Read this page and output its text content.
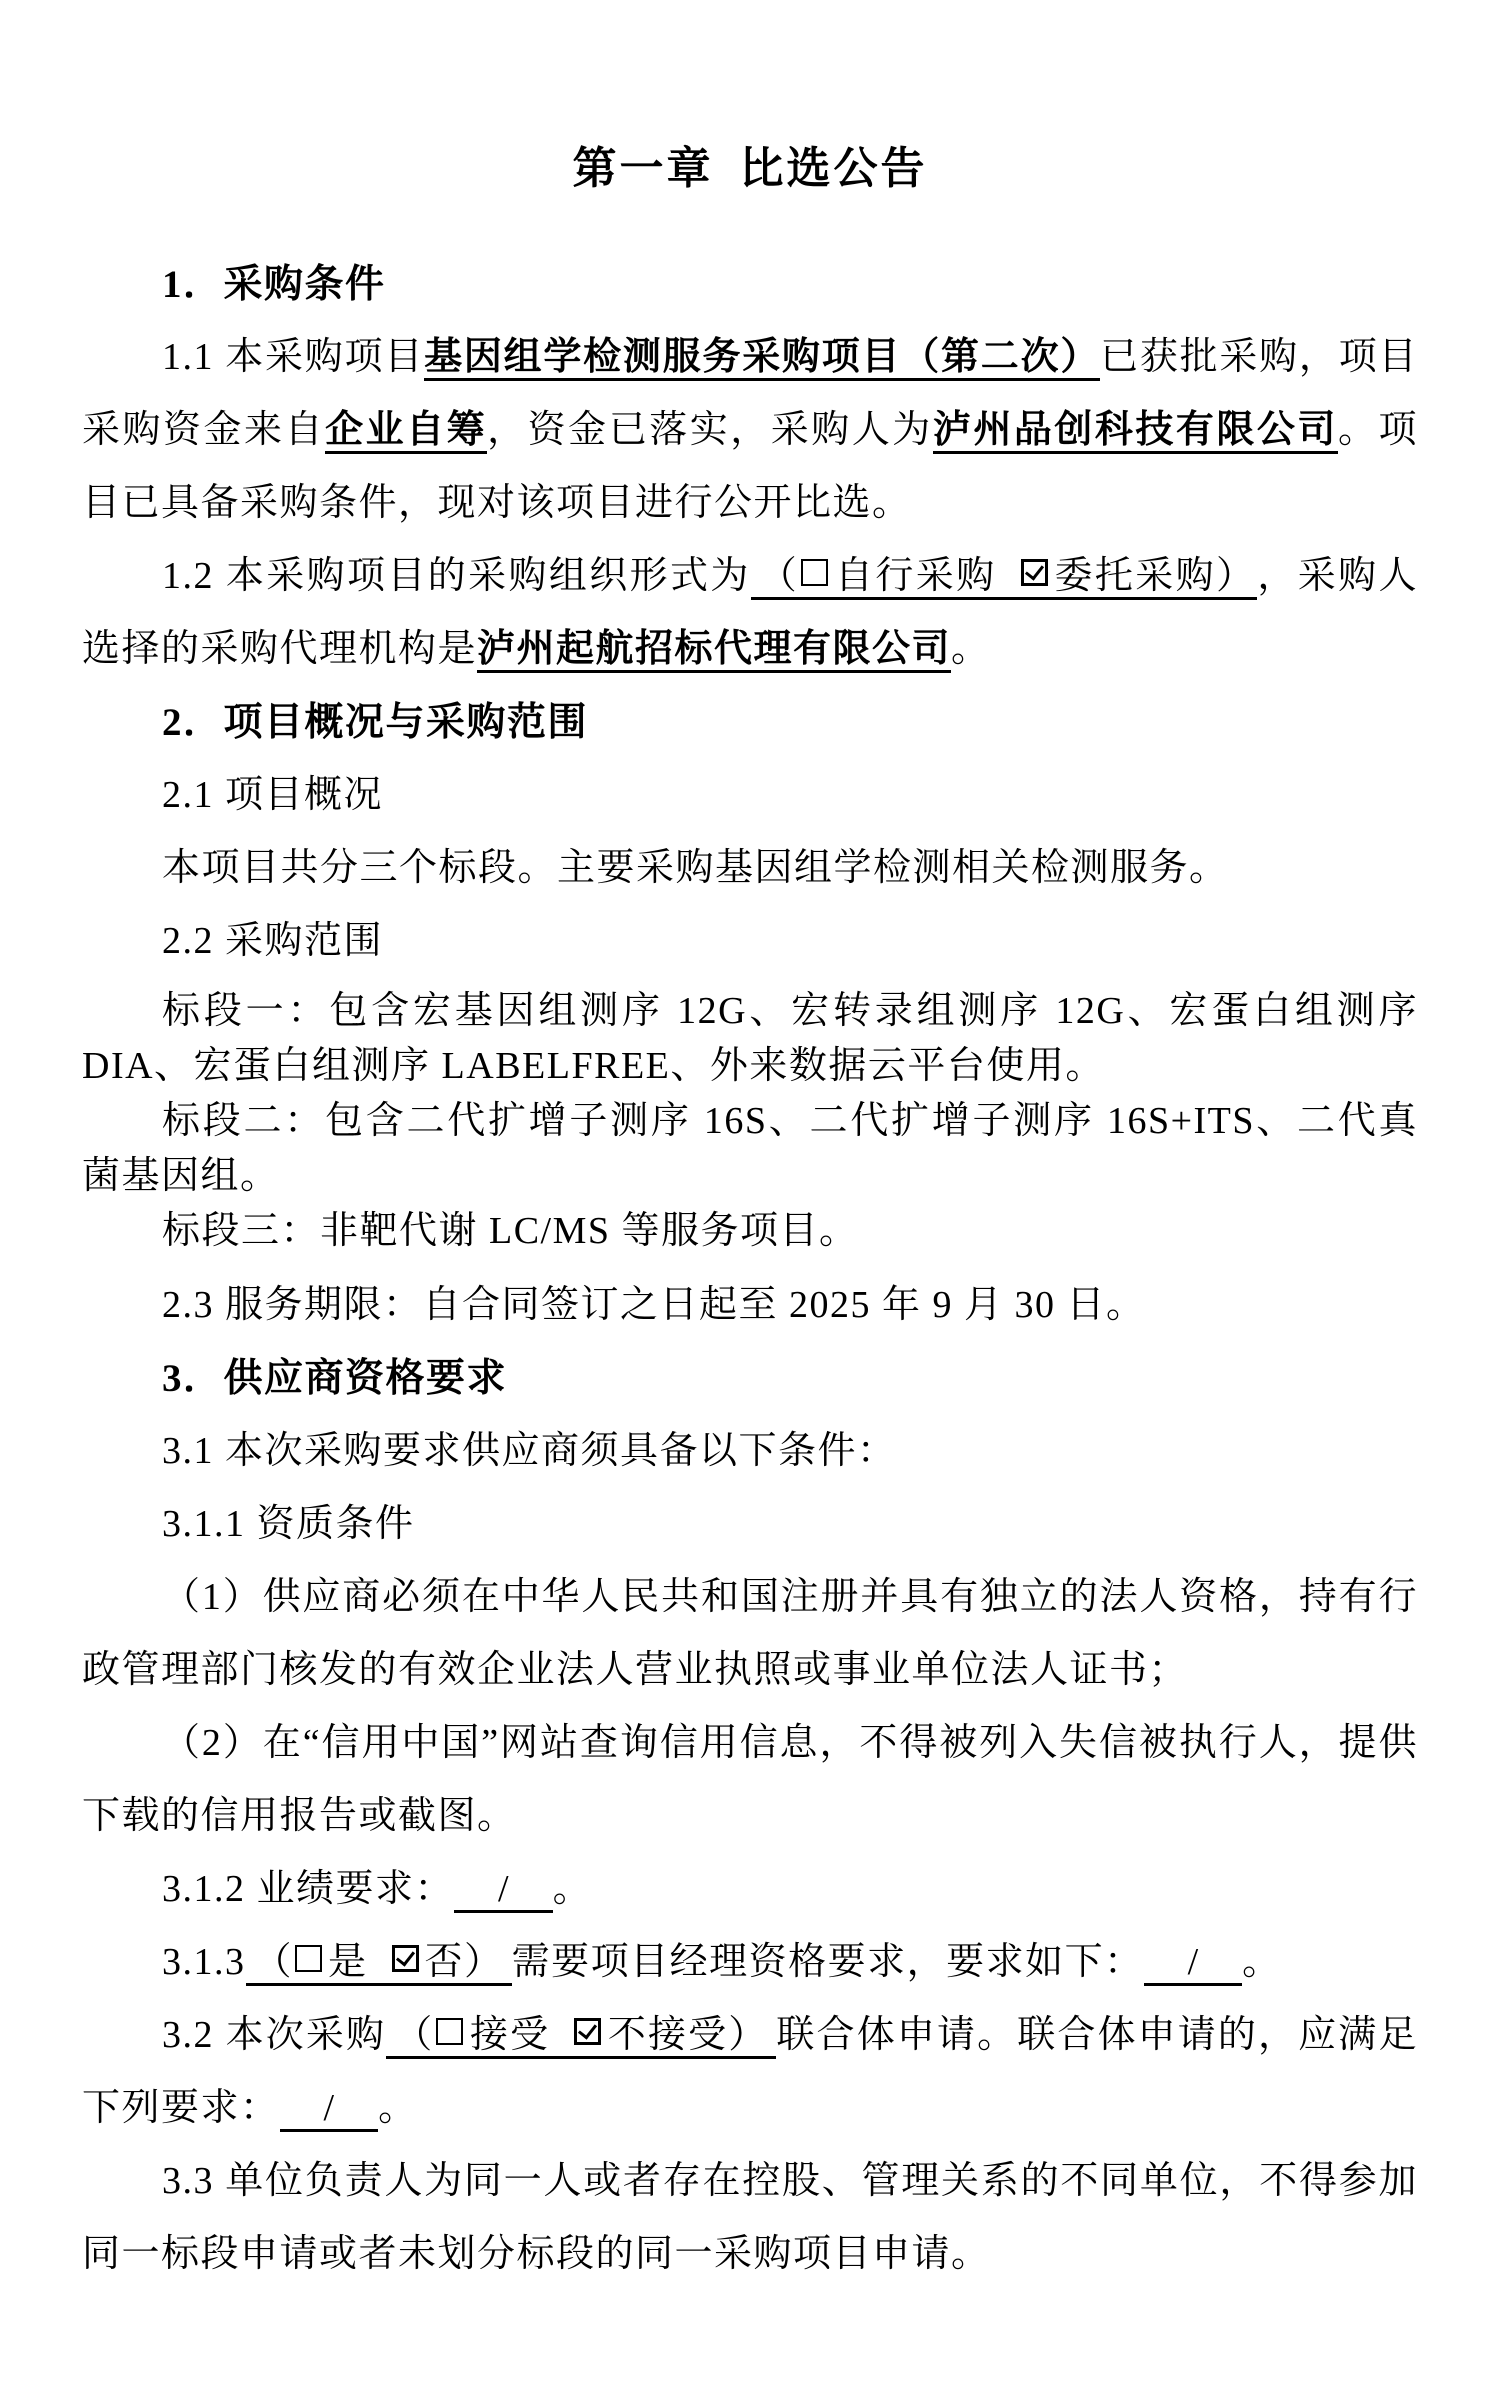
第一章 比选公告
1．采购条件

1.1 本采购项目基因组学检测服务采购项目（第二次）已获批采购，项目采购资金来自企业自筹，资金已落实，采购人为泸州品创科技有限公司。项目已具备采购条件，现对该项目进行公开比选。

1.2 本采购项目的采购组织形式为 （ 自行采购 委托采购） ，采购人选择的采购代理机构是泸州起航招标代理有限公司。

2．项目概况与采购范围

2.1 项目概况

本项目共分三个标段。主要采购基因组学检测相关检测服务。

2.2 采购范围

标段一：包含宏基因组测序 12G、宏转录组测序 12G、宏蛋白组测序 DIA、宏蛋白组测序 LABELFREE、外来数据云平台使用。

标段二：包含二代扩增子测序 16S、二代扩增子测序 16S+ITS、二代真菌基因组。

标段三：非靶代谢 LC/MS 等服务项目。

2.3 服务期限：自合同签订之日起至 2025 年 9 月 30 日。

3．供应商资格要求

3.1 本次采购要求供应商须具备以下条件：

3.1.1 资质条件

（1）供应商必须在中华人民共和国注册并具有独立的法人资格，持有行政管理部门核发的有效企业法人营业执照或事业单位法人证书；

（2）在“信用中国”网站查询信用信息，不得被列入失信被执行人，提供下载的信用报告或截图。

3.1.2 业绩要求： / 。

3.1.3 （ 是 否） 需要项目经理资格要求，要求如下： / 。

3.2 本次采购 （ 接受 不接受） 联合体申请。联合体申请的，应满足下列要求： / 。

3.3 单位负责人为同一人或者存在控股、管理关系的不同单位，不得参加同一标段申请或者未划分标段的同一采购项目申请。
